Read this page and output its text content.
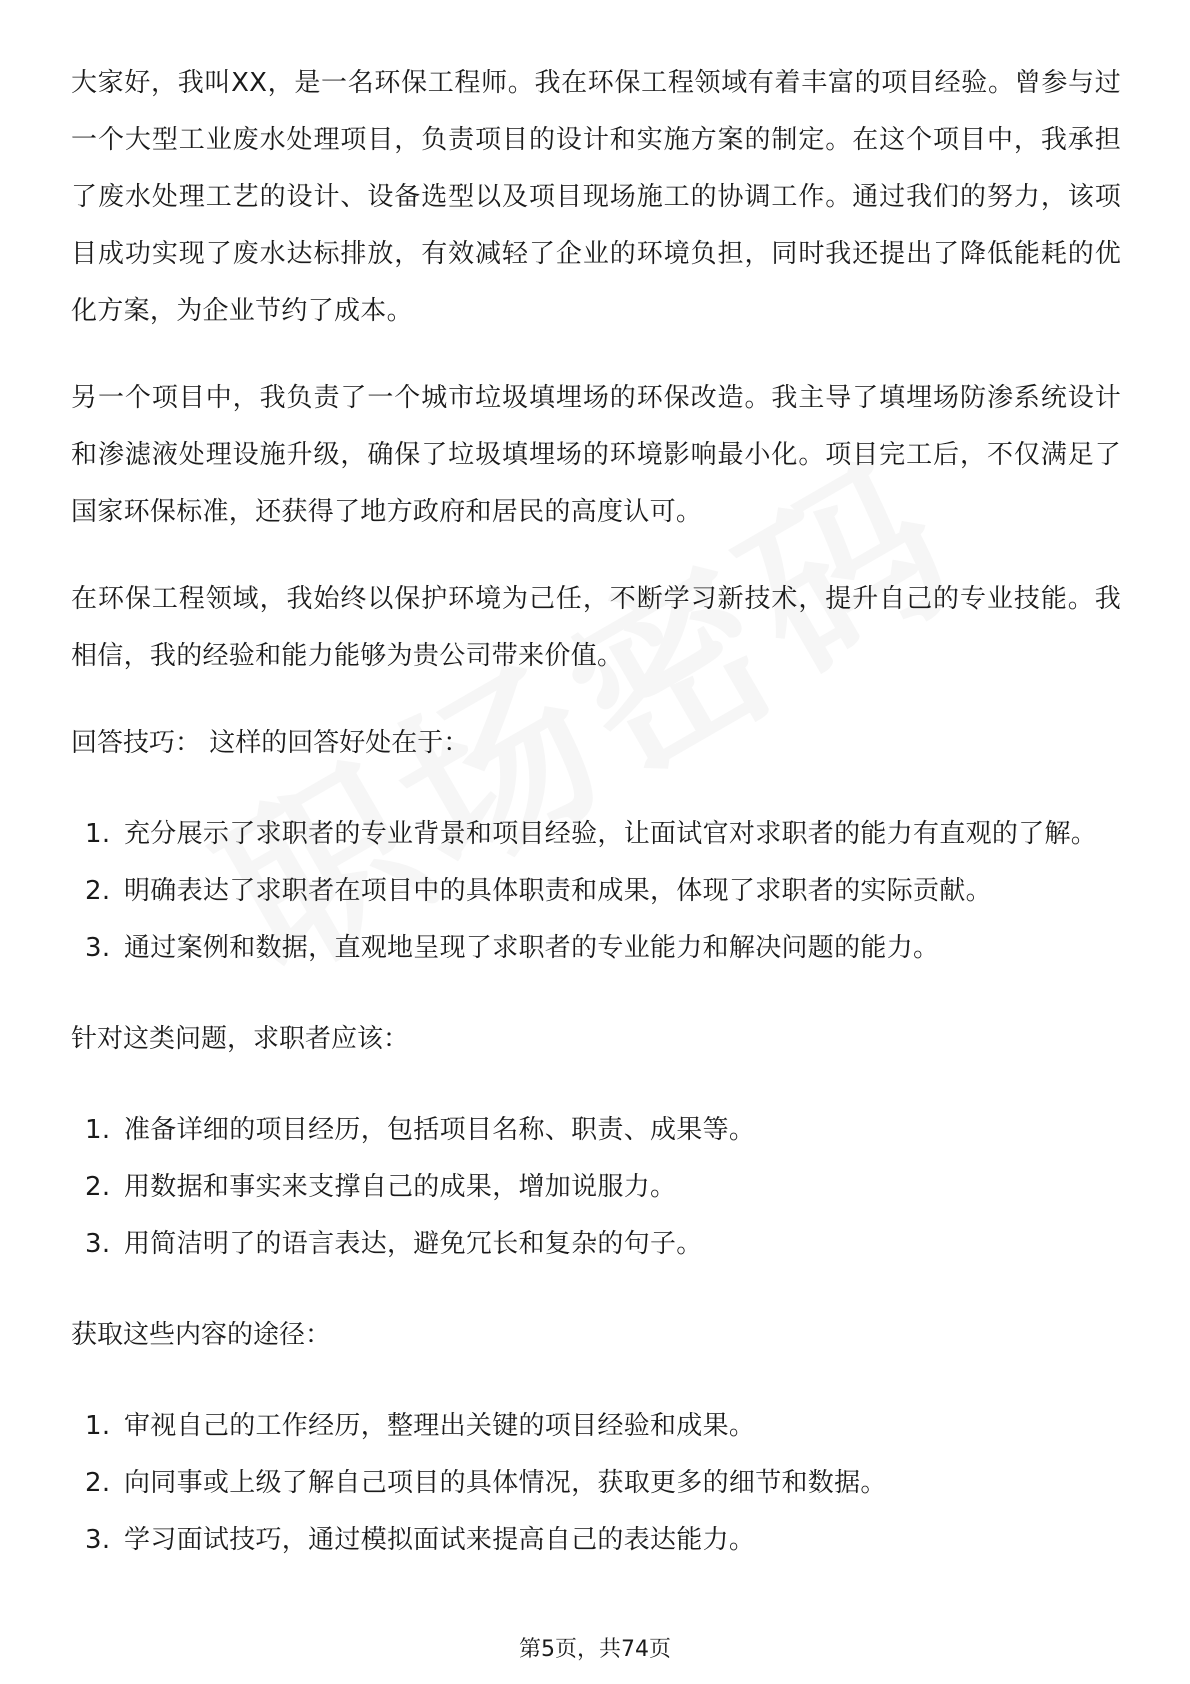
大家好，我叫XX，是一名环保工程师。我在环保工程领域有着丰富的项目经验。曾参与过一个大型工业废水处理项目，负责项目的设计和实施方案的制定。在这个项目中，我承担了废水处理工艺的设计、设备选型以及项目现场施工的协调工作。通过我们的努力，该项目成功实现了废水达标排放，有效减轻了企业的环境负担，同时我还提出了降低能耗的优化方案，为企业节约了成本。

另一个项目中，我负责了一个城市垃圾填埋场的环保改造。我主导了填埋场防渗系统设计和渗滤液处理设施升级，确保了垃圾填埋场的环境影响最小化。项目完工后，不仅满足了国家环保标准，还获得了地方政府和居民的高度认可。

在环保工程领域，我始终以保护环境为己任，不断学习新技术，提升自己的专业技能。我相信，我的经验和能力能够为贵公司带来价值。

回答技巧： 这样的回答好处在于：

1. 充分展示了求职者的专业背景和项目经验，让面试官对求职者的能力有直观的了解。
2. 明确表达了求职者在项目中的具体职责和成果，体现了求职者的实际贡献。
3. 通过案例和数据，直观地呈现了求职者的专业能力和解决问题的能力。

针对这类问题，求职者应该：

1. 准备详细的项目经历，包括项目名称、职责、成果等。
2. 用数据和事实来支撑自己的成果，增加说服力。
3. 用简洁明了的语言表达，避免冗长和复杂的句子。

获取这些内容的途径：

1. 审视自己的工作经历，整理出关键的项目经验和成果。
2. 向同事或上级了解自己项目的具体情况，获取更多的细节和数据。
3. 学习面试技巧，通过模拟面试来提高自己的表达能力。
第5页，共74页
